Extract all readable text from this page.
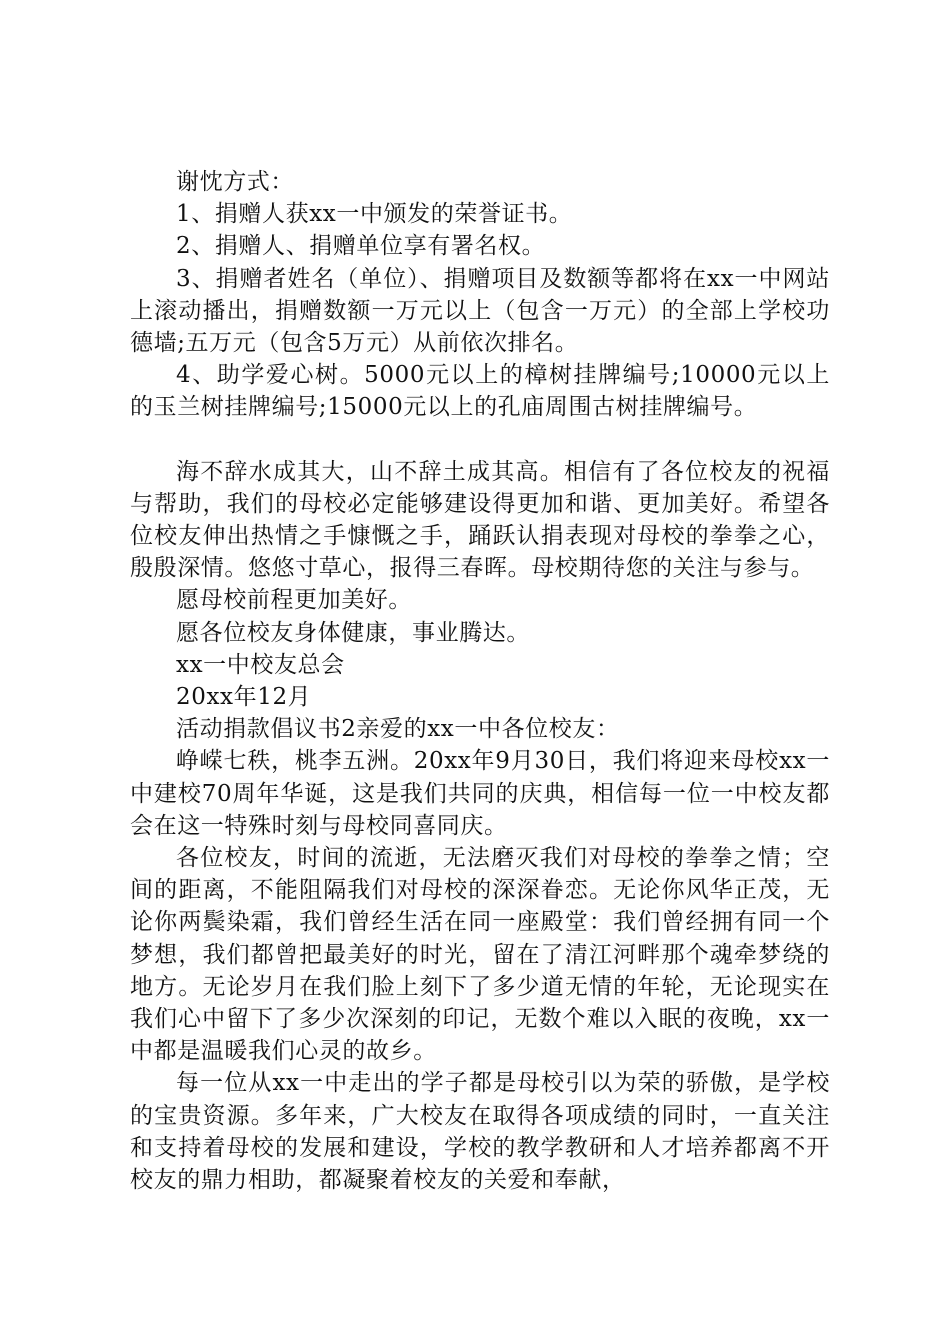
谢忱方式：

1、捐赠人获xx一中颁发的荣誉证书。

2、捐赠人、捐赠单位享有署名权。

3、捐赠者姓名（单位）、捐赠项目及数额等都将在xx一中网站上滚动播出，捐赠数额一万元以上（包含一万元）的全部上学校功德墙;五万元（包含5万元）从前依次排名。

4、助学爱心树。5000元以上的樟树挂牌编号;10000元以上的玉兰树挂牌编号;15000元以上的孔庙周围古树挂牌编号。

海不辞水成其大，山不辞土成其高。相信有了各位校友的祝福与帮助，我们的母校必定能够建设得更加和谐、更加美好。希望各位校友伸出热情之手慷慨之手，踊跃认捐表现对母校的拳拳之心，殷殷深情。悠悠寸草心，报得三春晖。母校期待您的关注与参与。

愿母校前程更加美好。

愿各位校友身体健康，事业腾达。

xx一中校友总会

20xx年12月

活动捐款倡议书2亲爱的xx一中各位校友：

峥嵘七秩，桃李五洲。20xx年9月30日，我们将迎来母校xx一中建校70周年华诞，这是我们共同的庆典，相信每一位一中校友都会在这一特殊时刻与母校同喜同庆。

各位校友，时间的流逝，无法磨灭我们对母校的拳拳之情；空间的距离，不能阻隔我们对母校的深深眷恋。无论你风华正茂，无论你两鬓染霜，我们曾经生活在同一座殿堂：我们曾经拥有同一个梦想，我们都曾把最美好的时光，留在了清江河畔那个魂牵梦绕的地方。无论岁月在我们脸上刻下了多少道无情的年轮，无论现实在我们心中留下了多少次深刻的印记，无数个难以入眠的夜晚，xx一中都是温暖我们心灵的故乡。

每一位从xx一中走出的学子都是母校引以为荣的骄傲，是学校的宝贵资源。多年来，广大校友在取得各项成绩的同时，一直关注和支持着母校的发展和建设，学校的教学教研和人才培养都离不开校友的鼎力相助，都凝聚着校友的关爱和奉献，
